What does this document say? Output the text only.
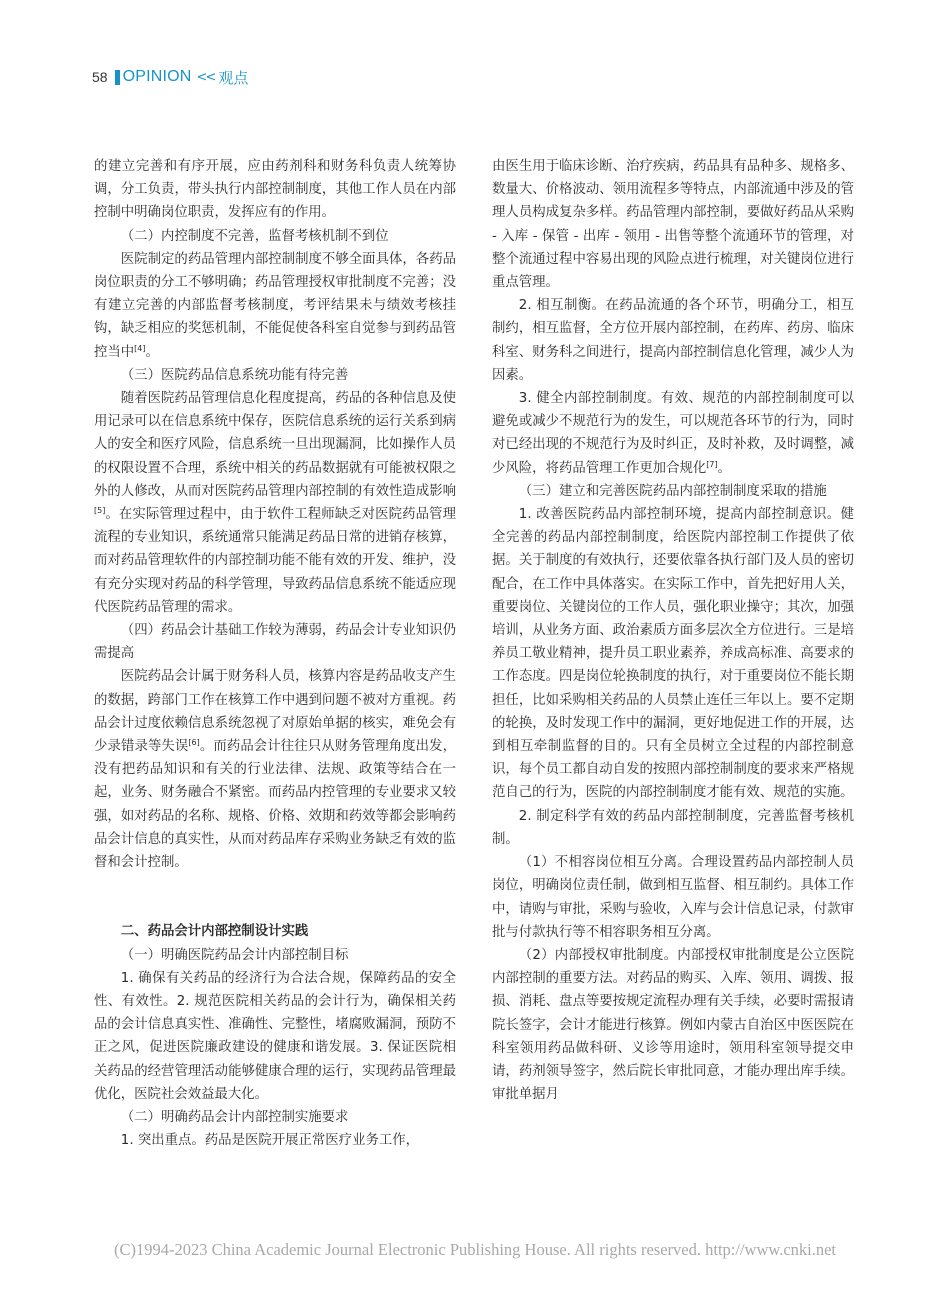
58 OPINION << 观点

的建立完善和有序开展，应由药剂科和财务科负责人统筹协调，分工负责，带头执行内部控制制度，其他工作人员在内部控制中明确岗位职责，发挥应有的作用。

（二）内控制度不完善，监督考核机制不到位

医院制定的药品管理内部控制制度不够全面具体，各药品岗位职责的分工不够明确；药品管理授权审批制度不完善；没有建立完善的内部监督考核制度，考评结果未与绩效考核挂钩，缺乏相应的奖惩机制，不能促使各科室自觉参与到药品管控当中[4]。

（三）医院药品信息系统功能有待完善

随着医院药品管理信息化程度提高，药品的各种信息及使用记录可以在信息系统中保存，医院信息系统的运行关系到病人的安全和医疗风险，信息系统一旦出现漏洞，比如操作人员的权限设置不合理，系统中相关的药品数据就有可能被权限之外的人修改，从而对医院药品管理内部控制的有效性造成影响[5]。在实际管理过程中，由于软件工程师缺乏对医院药品管理流程的专业知识，系统通常只能满足药品日常的进销存核算，而对药品管理软件的内部控制功能不能有效的开发、维护，没有充分实现对药品的科学管理，导致药品信息系统不能适应现代医院药品管理的需求。

（四）药品会计基础工作较为薄弱，药品会计专业知识仍需提高

医院药品会计属于财务科人员，核算内容是药品收支产生的数据，跨部门工作在核算工作中遇到问题不被对方重视。药品会计过度依赖信息系统忽视了对原始单据的核实，难免会有少录错录等失误[6]。而药品会计往往只从财务管理角度出发，没有把药品知识和有关的行业法律、法规、政策等结合在一起，业务、财务融合不紧密。而药品内控管理的专业要求又较强，如对药品的名称、规格、价格、效期和药效等都会影响药品会计信息的真实性，从而对药品库存采购业务缺乏有效的监督和会计控制。

二、药品会计内部控制设计实践

（一）明确医院药品会计内部控制目标

1. 确保有关药品的经济行为合法合规，保障药品的安全性、有效性。2. 规范医院相关药品的会计行为，确保相关药品的会计信息真实性、准确性、完整性，堵腐败漏洞，预防不正之风，促进医院廉政建设的健康和谐发展。3. 保证医院相关药品的经营管理活动能够健康合理的运行，实现药品管理最优化，医院社会效益最大化。

（二）明确药品会计内部控制实施要求

1. 突出重点。药品是医院开展正常医疗业务工作，

由医生用于临床诊断、治疗疾病，药品具有品种多、规格多、数量大、价格波动、领用流程多等特点，内部流通中涉及的管理人员构成复杂多样。药品管理内部控制，要做好药品从采购 - 入库 - 保管 - 出库 - 领用 - 出售等整个流通环节的管理，对整个流通过程中容易出现的风险点进行梳理，对关键岗位进行重点管理。

2. 相互制衡。在药品流通的各个环节，明确分工，相互制约，相互监督，全方位开展内部控制，在药库、药房、临床科室、财务科之间进行，提高内部控制信息化管理，减少人为因素。

3. 健全内部控制制度。有效、规范的内部控制制度可以避免或减少不规范行为的发生，可以规范各环节的行为，同时对已经出现的不规范行为及时纠正，及时补救，及时调整，减少风险，将药品管理工作更加合规化[7]。

（三）建立和完善医院药品内部控制制度采取的措施

1. 改善医院药品内部控制环境，提高内部控制意识。健全完善的药品内部控制制度，给医院内部控制工作提供了依据。关于制度的有效执行，还要依靠各执行部门及人员的密切配合，在工作中具体落实。在实际工作中，首先把好用人关，重要岗位、关键岗位的工作人员，强化职业操守；其次，加强培训，从业务方面、政治素质方面多层次全方位进行。三是培养员工敬业精神，提升员工职业素养，养成高标准、高要求的工作态度。四是岗位轮换制度的执行，对于重要岗位不能长期担任，比如采购相关药品的人员禁止连任三年以上。要不定期的轮换，及时发现工作中的漏洞，更好地促进工作的开展，达到相互牵制监督的目的。只有全员树立全过程的内部控制意识，每个员工都自动自发的按照内部控制制度的要求来严格规范自己的行为，医院的内部控制制度才能有效、规范的实施。

2. 制定科学有效的药品内部控制制度，完善监督考核机制。

（1）不相容岗位相互分离。合理设置药品内部控制人员岗位，明确岗位责任制，做到相互监督、相互制约。具体工作中，请购与审批，采购与验收，入库与会计信息记录，付款审批与付款执行等不相容职务相互分离。

（2）内部授权审批制度。内部授权审批制度是公立医院内部控制的重要方法。对药品的购买、入库、领用、调拨、报损、消耗、盘点等要按规定流程办理有关手续，必要时需报请院长签字，会计才能进行核算。例如内蒙古自治区中医医院在科室领用药品做科研、义诊等用途时，领用科室领导提交申请，药剂领导签字，然后院长审批同意，才能办理出库手续。审批单据月

(C)1994-2023 China Academic Journal Electronic Publishing House. All rights reserved. http://www.cnki.net
